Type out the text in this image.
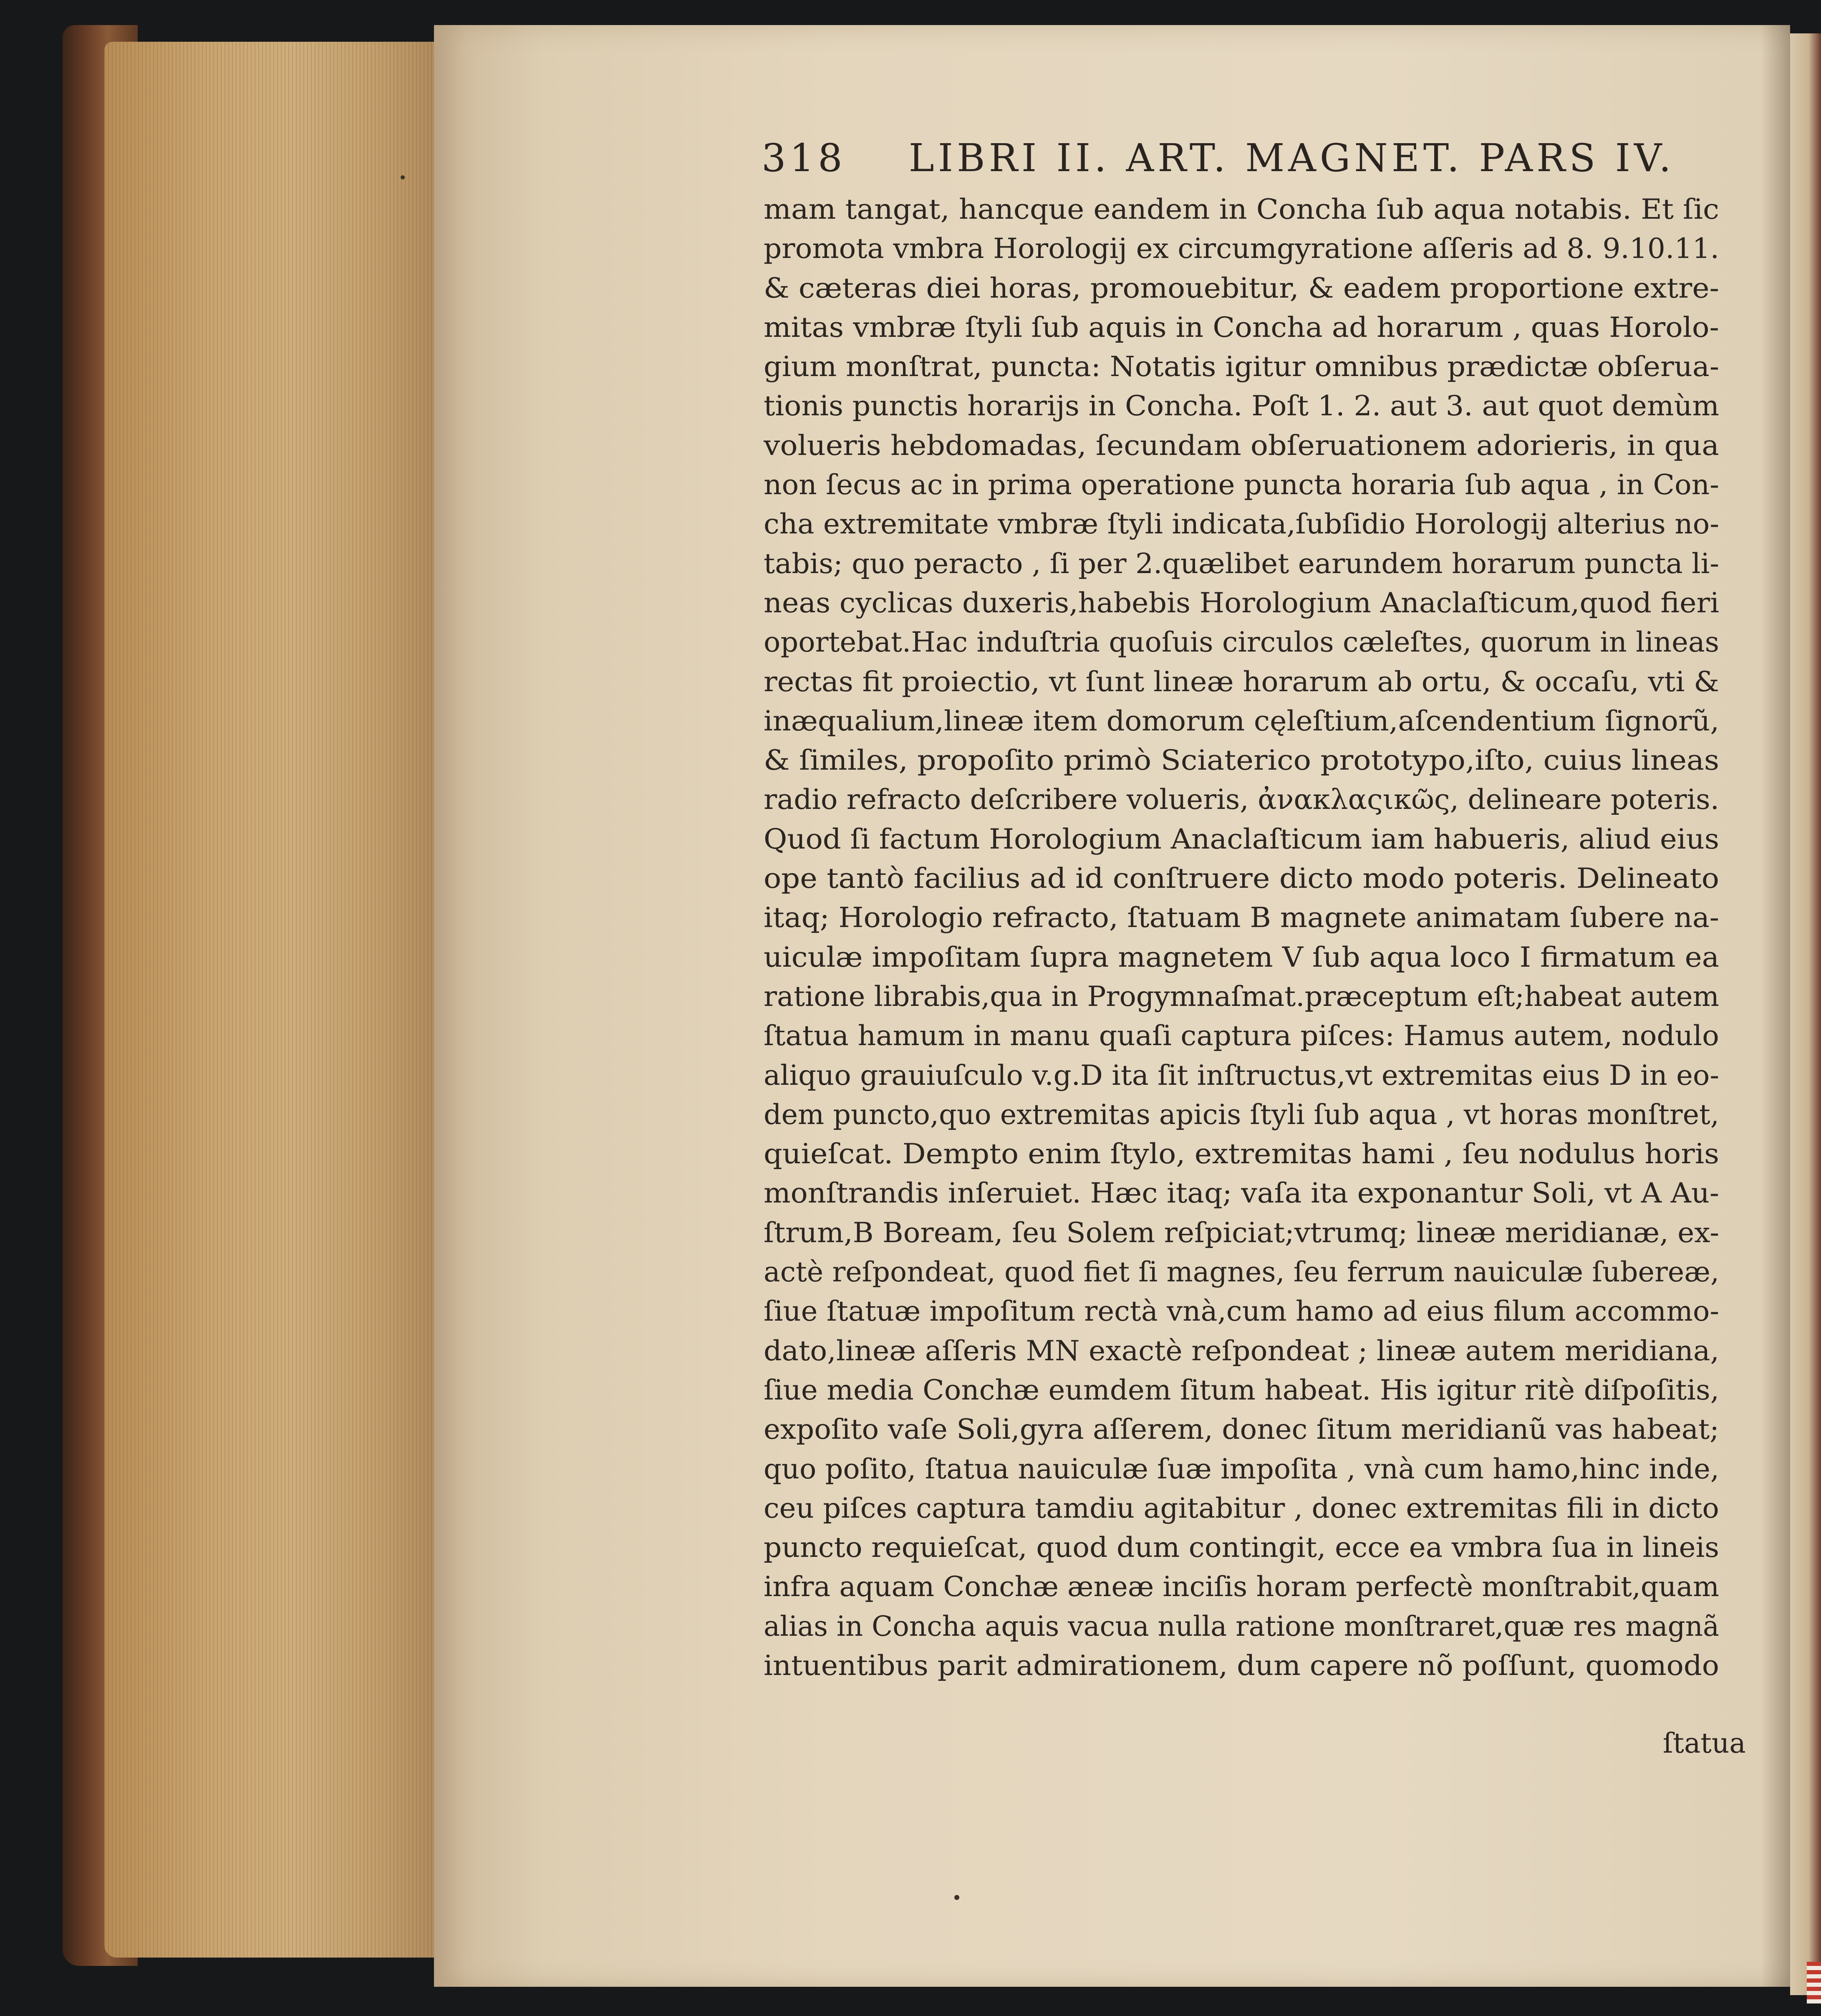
318 LIBRI II. ART. MAGNET. PARS IV.
mam tangat, hancque eandem in Concha ſub aqua notabis. Et ſic
promota vmbra Horologij ex circumgyratione aſſeris ad 8. 9.10.11.
& cæteras diei horas, promouebitur, & eadem proportione extre-
mitas vmbræ ſtyli ſub aquis in Concha ad horarum , quas Horolo-
gium monſtrat, puncta: Notatis igitur omnibus prædictæ obſerua-
tionis punctis horarijs in Concha. Poſt 1. 2. aut 3. aut quot demùm
volueris hebdomadas, ſecundam obſeruationem adorieris, in qua
non ſecus ac in prima operatione puncta horaria ſub aqua , in Con-
cha extremitate vmbræ ſtyli indicata,ſubſidio Horologij alterius no-
tabis; quo peracto , ſi per 2.quælibet earundem horarum puncta li-
neas cyclicas duxeris,habebis Horologium Anaclaſticum,quod fieri
oportebat.Hac induſtria quoſuis circulos cæleſtes, quorum in lineas
rectas fit proiectio, vt ſunt lineæ horarum ab ortu, & occaſu, vti &
inæqualium,lineæ item domorum cęleſtium,aſcendentium ſignorũ,
& ſimiles, propoſito primò Sciaterico prototypo,iſto, cuius lineas
radio refracto deſcribere volueris, ἀνακλαςικῶς, delineare poteris.
Quod ſi factum Horologium Anaclaſticum iam habueris, aliud eius
ope tantò facilius ad id conſtruere dicto modo poteris. Delineato
itaq; Horologio refracto, ſtatuam B magnete animatam ſubere na-
uiculæ impoſitam ſupra magnetem V ſub aqua loco I firmatum ea
ratione librabis,qua in Progymnaſmat.præceptum eſt;habeat autem
ſtatua hamum in manu quaſi captura piſces: Hamus autem, nodulo
aliquo grauiuſculo v.g.D ita ſit inſtructus,vt extremitas eius D in eo-
dem puncto,quo extremitas apicis ſtyli ſub aqua , vt horas monſtret,
quieſcat. Dempto enim ſtylo, extremitas hami , ſeu nodulus horis
monſtrandis inſeruiet. Hæc itaq; vaſa ita exponantur Soli, vt A Au-
ſtrum,B Boream, ſeu Solem reſpiciat;vtrumq; lineæ meridianæ, ex-
actè reſpondeat, quod fiet ſi magnes, ſeu ferrum nauiculæ ſubereæ,
ſiue ſtatuæ impoſitum rectà vnà,cum hamo ad eius filum accommo-
dato,lineæ aſſeris MN exactè reſpondeat ; lineæ autem meridiana,
ſiue media Conchæ eumdem ſitum habeat. His igitur ritè diſpoſitis,
expoſito vaſe Soli,gyra aſſerem, donec ſitum meridianũ vas habeat;
quo poſito, ſtatua nauiculæ ſuæ impoſita , vnà cum hamo,hinc inde,
ceu piſces captura tamdiu agitabitur , donec extremitas fili in dicto
puncto requieſcat, quod dum contingit, ecce ea vmbra ſua in lineis
infra aquam Conchæ æneæ inciſis horam perfectè monſtrabit,quam
alias in Concha aquis vacua nulla ratione monſtraret,quæ res magnã
intuentibus parit admirationem, dum capere nõ poſſunt, quomodo
ſtatua
